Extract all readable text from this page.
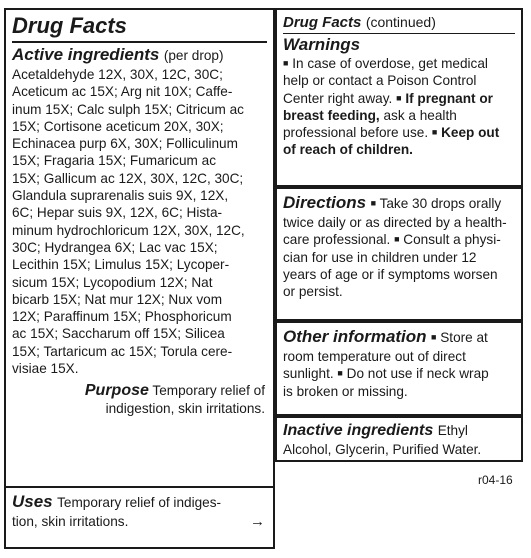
Drug Facts

Active ingredients (per drop)

Acetaldehyde 12X, 30X, 12C, 30C;

Aceticum ac 15X; Arg nit 10X; Caffe-

inum 15X; Calc sulph 15X; Citricum ac

15X; Cortisone aceticum 20X, 30X;

Echinacea purp 6X, 30X; Folliculinum

15X; Fragaria 15X; Fumaricum ac

15X; Gallicum ac 12X, 30X, 12C, 30C;

Glandula suprarenalis suis 9X, 12X,

6C; Hepar suis 9X, 12X, 6C; Hista-

minum hydrochloricum 12X, 30X, 12C,

30C; Hydrangea 6X; Lac vac 15X;

Lecithin 15X; Limulus 15X; Lycoper-

sicum 15X; Lycopodium 12X; Nat

bicarb 15X; Nat mur 12X; Nux vom

12X; Paraffinum 15X; Phosphoricum

ac 15X; Saccharum off 15X; Silicea

15X; Tartaricum ac 15X; Torula cere-

visiae 15X.

Purpose Temporary relief of

indigestion, skin irritations.

Uses Temporary relief of indiges-

tion, skin irritations.	→

Drug Facts (continued)

Warnings

■ In case of overdose, get medical

help or contact a Poison Control

Center right away. ■ If pregnant or

breast feeding, ask a health

professional before use. ■ Keep out

of reach of children.

Directions ■ Take 30 drops orally

twice daily or as directed by a health-

care professional. ■ Consult a physi-

cian for use in children under 12

years of age or if symptoms worsen

or persist.

Other information ■ Store at

room temperature out of direct

sunlight. ■ Do not use if neck wrap

is broken or missing.

Inactive ingredients Ethyl

Alcohol, Glycerin, Purified Water.

r04-16
